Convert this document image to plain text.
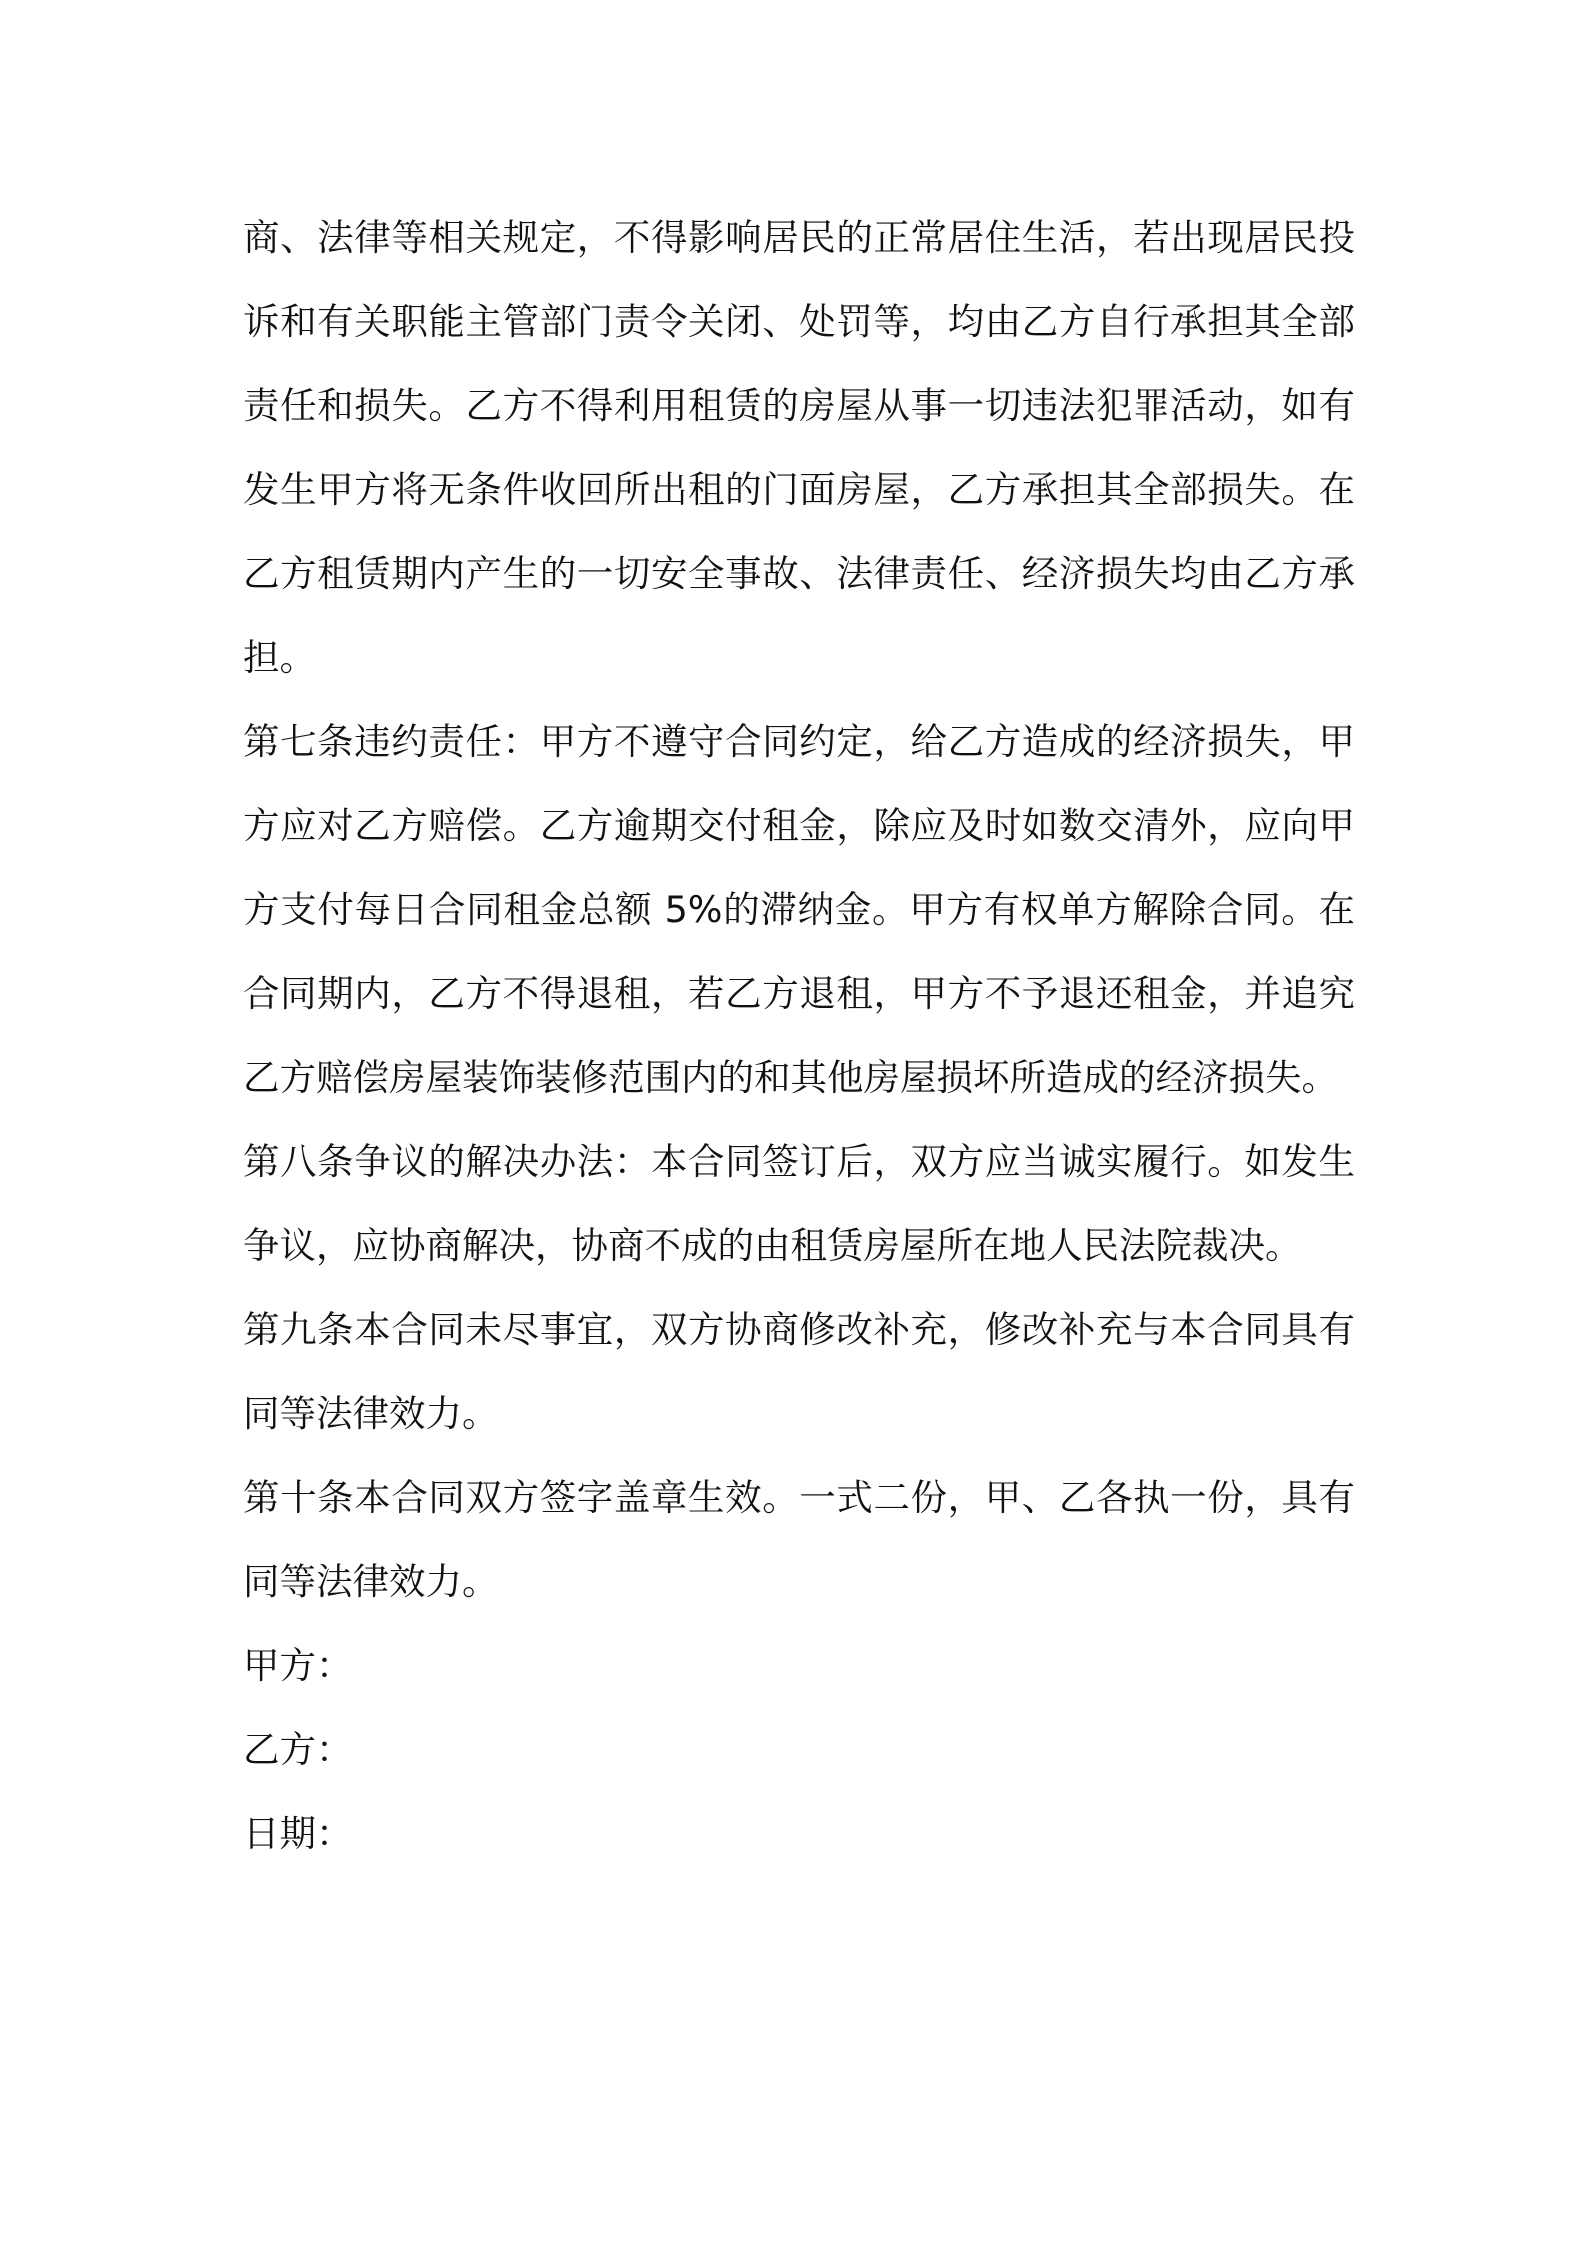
商、法律等相关规定，不得影响居民的正常居住生活，若出现居民投诉和有关职能主管部门责令关闭、处罚等，均由乙方自行承担其全部责任和损失。乙方不得利用租赁的房屋从事一切违法犯罪活动，如有发生甲方将无条件收回所出租的门面房屋，乙方承担其全部损失。在乙方租赁期内产生的一切安全事故、法律责任、经济损失均由乙方承担。

第七条违约责任：甲方不遵守合同约定，给乙方造成的经济损失，甲方应对乙方赔偿。乙方逾期交付租金，除应及时如数交清外，应向甲方支付每日合同租金总额 5%的滞纳金。甲方有权单方解除合同。在合同期内，乙方不得退租，若乙方退租，甲方不予退还租金，并追究乙方赔偿房屋装饰装修范围内的和其他房屋损坏所造成的经济损失。

第八条争议的解决办法：本合同签订后，双方应当诚实履行。如发生争议，应协商解决，协商不成的由租赁房屋所在地人民法院裁决。

第九条本合同未尽事宜，双方协商修改补充，修改补充与本合同具有同等法律效力。

第十条本合同双方签字盖章生效。一式二份，甲、乙各执一份，具有同等法律效力。

甲方：

乙方：

日期：
